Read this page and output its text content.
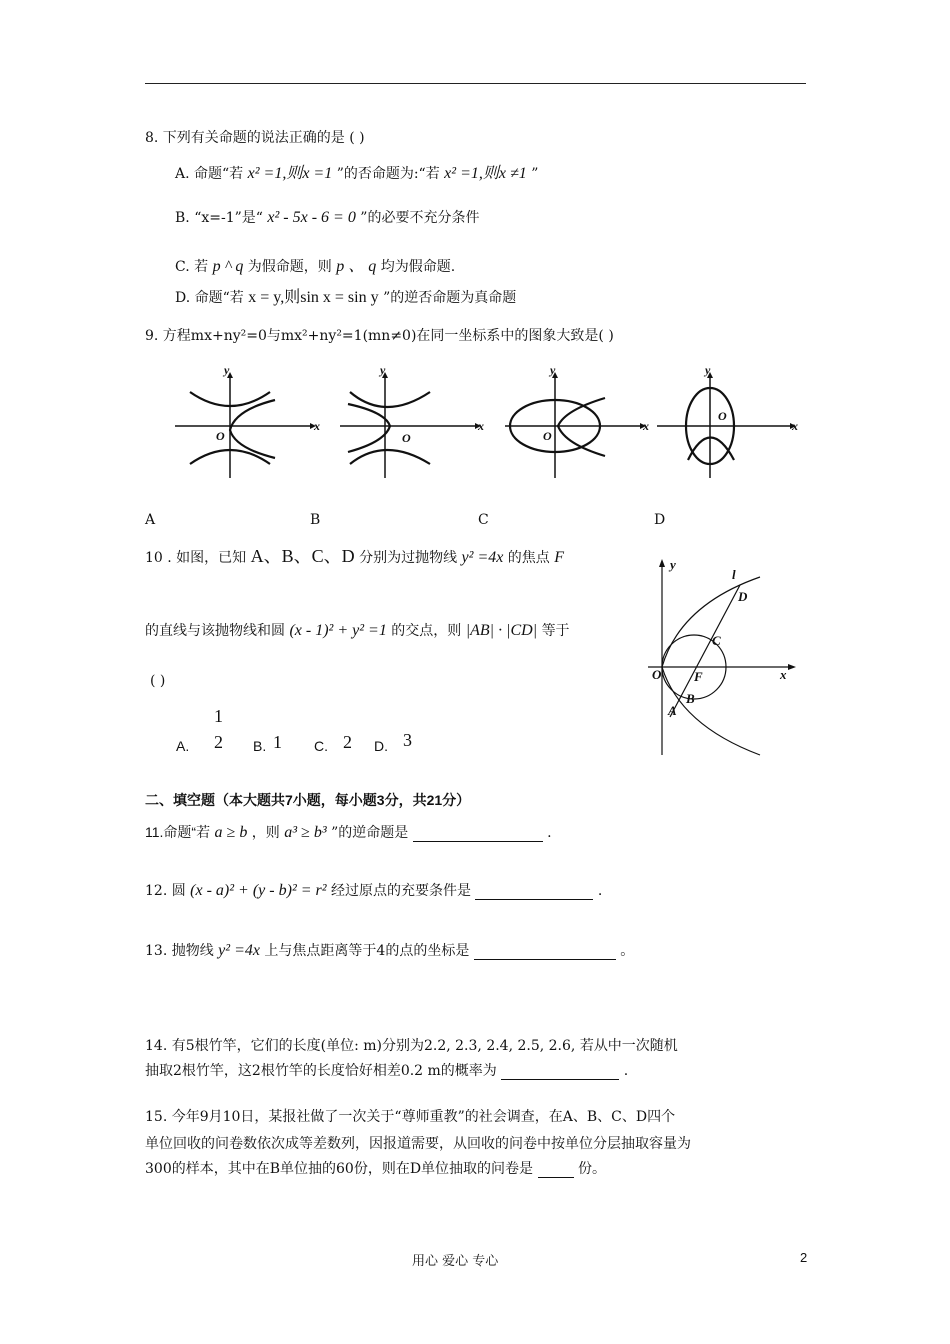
8. 下列有关命题的说法正确的是 ( )
A. 命题“若 x² =1,则x =1 ”的否命题为:“若 x² =1,则x ≠1 ”
B. “x=-1”是“ x² - 5x - 6 = 0 ”的必要不充分条件
C. 若 p ^ q 为假命题，则 p 、 q 均为假命题.
D. 命题“若 x = y,则sin x = sin y ”的逆否命题为真命题
9. 方程mx+ny²=0与mx²+ny²=1(mn≠0)在同一坐标系中的图象大致是( )
y
x
O
y
x
O
y
x
O
y
x
O
A	B	C	D
10 . 如图，已知 A、B、C、D 分别为过抛物线 y² =4x 的焦点 F
的直线与该抛物线和圆 (x - 1)² + y² =1 的交点，则 |AB| · |CD| 等于
( )
A.
1
2 B. 1 C. 2 D. 3
y
x
O	F
A
B
C
D
l
二、填空题（本大题共7小题，每小题3分，共21分）
11.命题“若 a ≥ b ，则 a³ ≥ b³ ”的逆命题是	.
12. 圆 (x - a)² + (y - b)² = r² 经过原点的充要条件是	.
13. 抛物线 y² =4x 上与焦点距离等于4的点的坐标是	。
14. 有5根竹竿，它们的长度(单位: m)分别为2.2, 2.3, 2.4, 2.5, 2.6, 若从中一次随机
抽取2根竹竿，这2根竹竿的长度恰好相差0.2 m的概率为	.
15. 今年9月10日，某报社做了一次关于“尊师重教”的社会调查，在A、B、C、D四个
单位回收的问卷数依次成等差数列，因报道需要，从回收的问卷中按单位分层抽取容量为
300的样本，其中在B单位抽的60份，则在D单位抽取的问卷是	份。
用心 爱心 专心	2
